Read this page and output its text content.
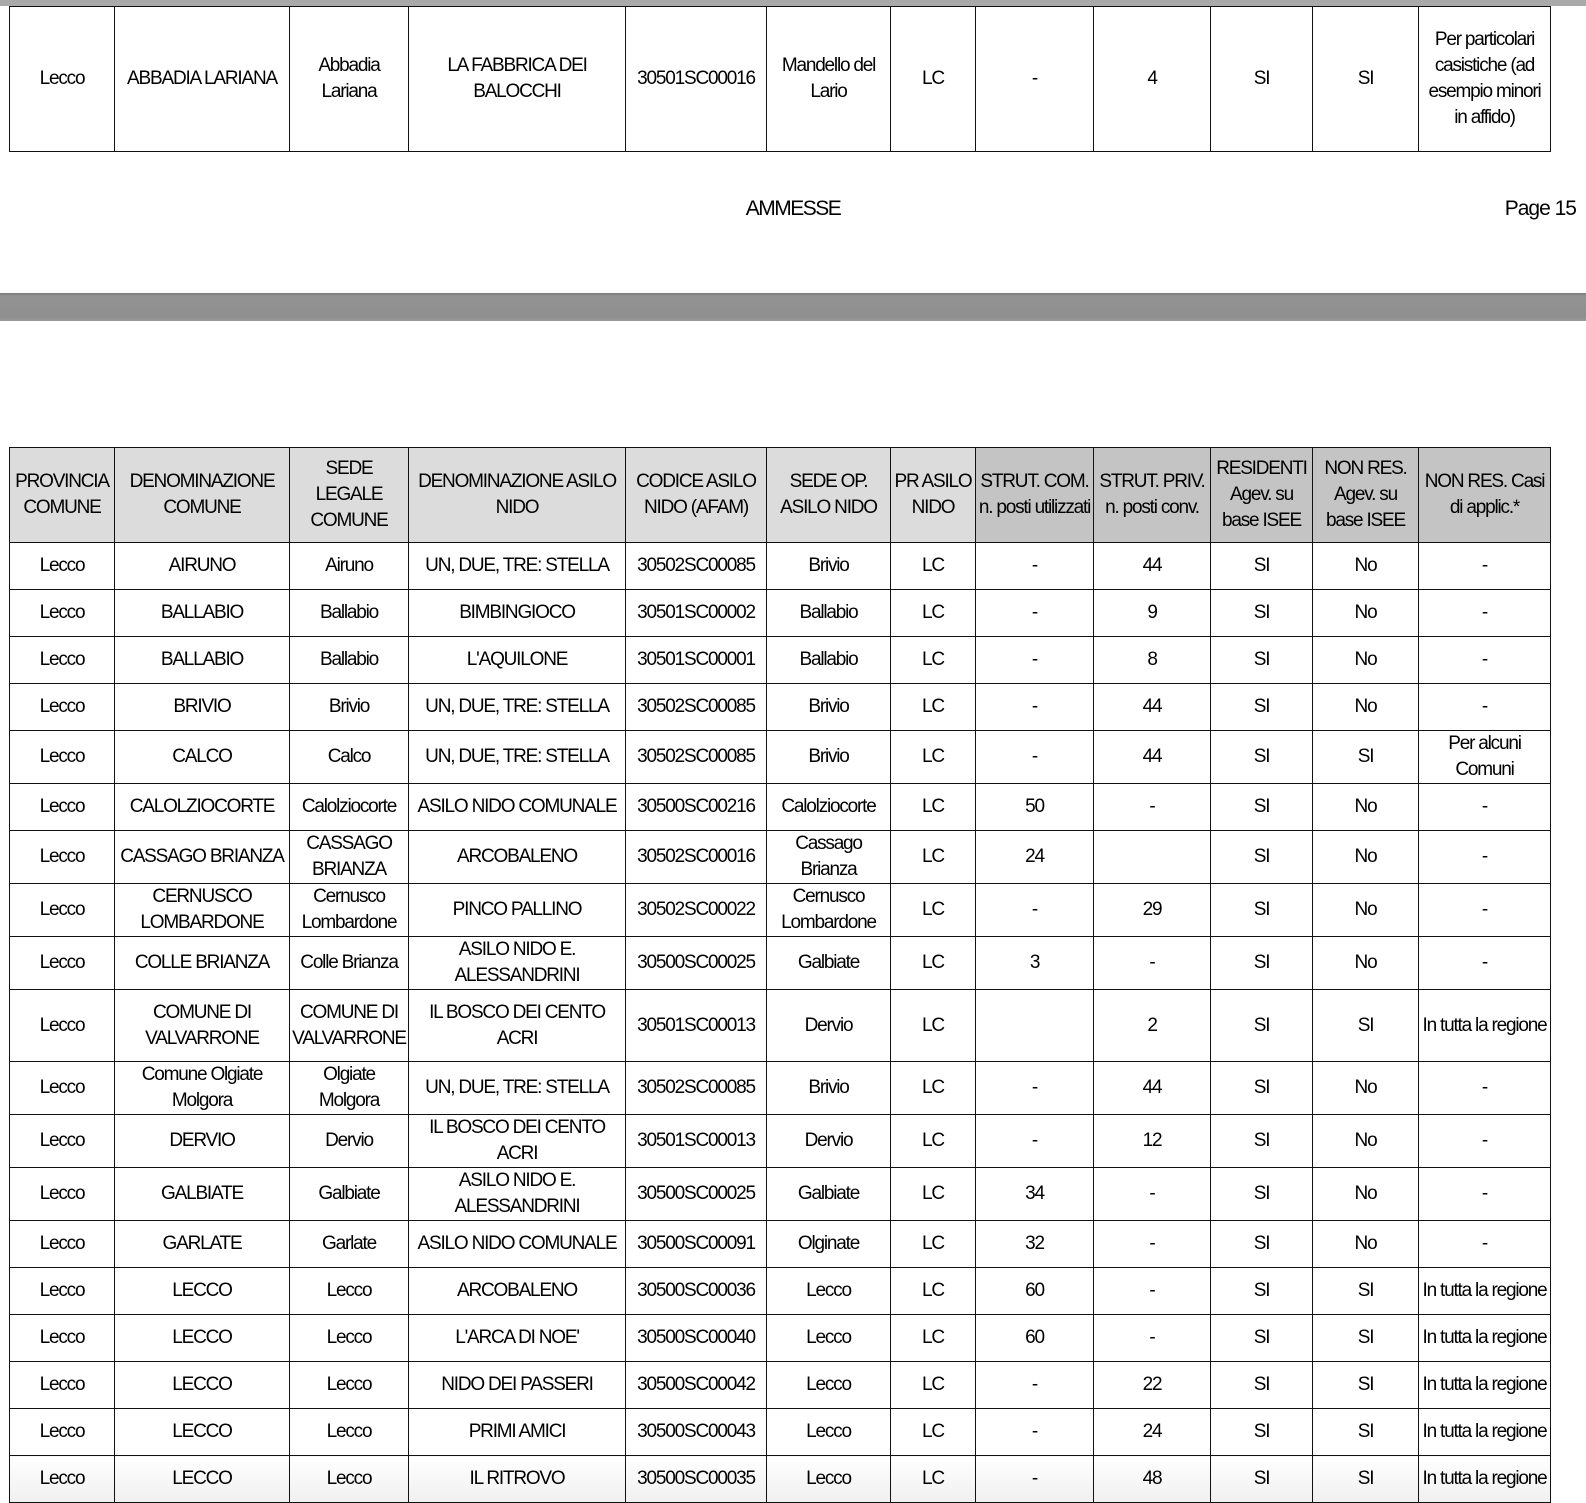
Lecco	ABBADIA LARIANA	Abbadia Lariana	LA FABBRICA DEI BALOCCHI	30501SC00016	Mandello del Lario	LC	-	4	SI	SI	Per particolari casistiche (ad esempio minori in affido)
AMMESSE	Page 15
PROVINCIA COMUNE	DENOMINAZIONE COMUNE	SEDE LEGALE COMUNE	DENOMINAZIONE ASILO NIDO	CODICE ASILO NIDO (AFAM)	SEDE OP. ASILO NIDO	PR ASILO NIDO	STRUT. COM. n. posti utilizzati	STRUT. PRIV. n. posti conv.	RESIDENTI Agev. su base ISEE	NON RES. Agev. su base ISEE	NON RES. Casi di applic.*
Lecco	AIRUNO	Airuno	UN, DUE, TRE: STELLA	30502SC00085	Brivio	LC	-	44	SI	No	-
Lecco	BALLABIO	Ballabio	BIMBINGIOCO	30501SC00002	Ballabio	LC	-	9	SI	No	-
Lecco	BALLABIO	Ballabio	L'AQUILONE	30501SC00001	Ballabio	LC	-	8	SI	No	-
Lecco	BRIVIO	Brivio	UN, DUE, TRE: STELLA	30502SC00085	Brivio	LC	-	44	SI	No	-
Lecco	CALCO	Calco	UN, DUE, TRE: STELLA	30502SC00085	Brivio	LC	-	44	SI	SI	Per alcuni Comuni
Lecco	CALOLZIOCORTE	Calolziocorte	ASILO NIDO COMUNALE	30500SC00216	Calolziocorte	LC	50	-	SI	No	-
Lecco	CASSAGO BRIANZA	CASSAGO BRIANZA	ARCOBALENO	30502SC00016	Cassago Brianza	LC	24		SI	No	-
Lecco	CERNUSCO LOMBARDONE	Cernusco Lombardone	PINCO PALLINO	30502SC00022	Cernusco Lombardone	LC	-	29	SI	No	-
Lecco	COLLE BRIANZA	Colle Brianza	ASILO NIDO E. ALESSANDRINI	30500SC00025	Galbiate	LC	3	-	SI	No	-
Lecco	COMUNE DI VALVARRONE	COMUNE DI VALVARRONE	IL BOSCO DEI CENTO ACRI	30501SC00013	Dervio	LC		2	SI	SI	In tutta la regione
Lecco	Comune Olgiate Molgora	Olgiate Molgora	UN, DUE, TRE: STELLA	30502SC00085	Brivio	LC	-	44	SI	No	-
Lecco	DERVIO	Dervio	IL BOSCO DEI CENTO ACRI	30501SC00013	Dervio	LC	-	12	SI	No	-
Lecco	GALBIATE	Galbiate	ASILO NIDO E. ALESSANDRINI	30500SC00025	Galbiate	LC	34	-	SI	No	-
Lecco	GARLATE	Garlate	ASILO NIDO COMUNALE	30500SC00091	Olginate	LC	32	-	SI	No	-
Lecco	LECCO	Lecco	ARCOBALENO	30500SC00036	Lecco	LC	60	-	SI	SI	In tutta la regione
Lecco	LECCO	Lecco	L'ARCA DI NOE'	30500SC00040	Lecco	LC	60	-	SI	SI	In tutta la regione
Lecco	LECCO	Lecco	NIDO DEI PASSERI	30500SC00042	Lecco	LC	-	22	SI	SI	In tutta la regione
Lecco	LECCO	Lecco	PRIMI AMICI	30500SC00043	Lecco	LC	-	24	SI	SI	In tutta la regione
Lecco	LECCO	Lecco	IL RITROVO	30500SC00035	Lecco	LC	-	48	SI	SI	In tutta la regione
